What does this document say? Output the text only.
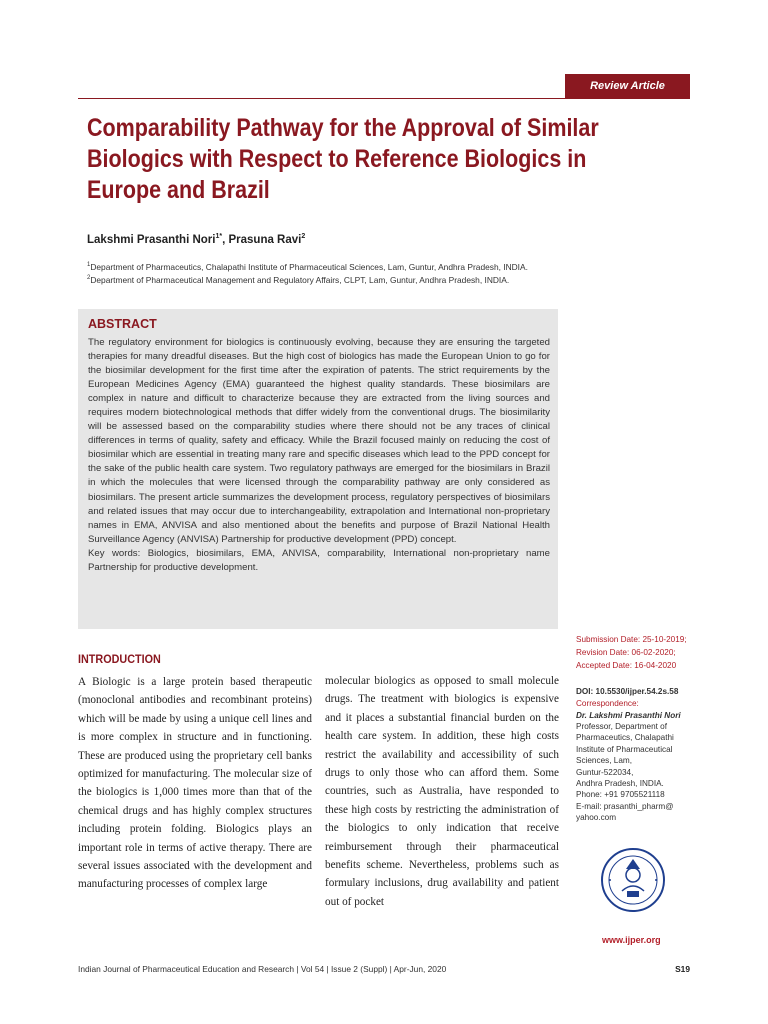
Review Article
Comparability Pathway for the Approval of Similar
Biologics with Respect to Reference Biologics in
Europe and Brazil
Lakshmi Prasanthi Nori$^{1*}$, Prasuna Ravi$^2$
$^1$Department of Pharmaceutics, Chalapathi Institute of Pharmaceutical Sciences, Lam, Guntur, Andhra Pradesh, INDIA.
$^2$Department of Pharmaceutical Management and Regulatory Affairs, CLPT, Lam, Guntur, Andhra Pradesh, INDIA.
ABSTRACT
The regulatory environment for biologics is continuously evolving, because they are ensuring the targeted therapies for many dreadful diseases. But the high cost of biologics has made the European Union to go for the biosimilar development for the first time after the expiration of patents. The strict requirements by the European Medicines Agency (EMA) guaranteed the highest quality standards. These biosimilars are complex in nature and difficult to characterize because they are extracted from the living sources and requires modern biotechnological methods that differ widely from the conventional drugs. The biosimilarity will be assessed based on the comparability studies where there should not be any traces of clinical differences in terms of quality, safety and efficacy. While the Brazil focused mainly on reducing the cost of biosimilar which are essential in treating many rare and specific diseases which lead to the PPD concept for the sake of the public health care system. Two regulatory pathways are emerged for the biosimilars in Brazil in which the molecules that were licensed through the comparability pathway are only considered as biosimilars. The present article summarizes the development process, regulatory perspectives of biosimilars and related issues that may occur due to interchangeability, extrapolation and International non-proprietary names in EMA, ANVISA and also mentioned about the benefits and purpose of Brazil National Health Surveillance Agency (ANVISA) Partnership for productive development (PPD) concept.
Key words: Biologics, biosimilars, EMA, ANVISA, comparability, International non-proprietary name Partnership for productive development.
INTRODUCTION
A Biologic is a large protein based therapeutic (monoclonal antibodies and recombinant proteins) which will be made by using a unique cell lines and is more complex in structure and in functioning. These are produced using the proprietary cell banks optimized for manufacturing. The molecular size of the biologics is 1,000 times more than that of the chemical drugs and has highly complex structures including protein folding. Biologics plays an important role in terms of active therapy. There are several issues associated with the development and manufacturing processes of complex large
molecular biologics as opposed to small molecule drugs. The treatment with biologics is expensive and it places a substantial financial burden on the health care system. In addition, these high costs restrict the availability and accessibility of such drugs to only those who can afford them. Some countries, such as Australia, have responded to these high costs by restricting the administration of the biologics to only indication that receive reimbursement through their pharmaceutical benefits scheme. Nevertheless, problems such as formulary inclusions, drug availability and patient out of pocket
Submission Date: 25-10-2019;
Revision Date: 06-02-2020;
Accepted Date: 16-04-2020
DOI: 10.5530/ijper.54.2s.58
Correspondence:
Dr. Lakshmi Prasanthi Nori
Professor, Department of
Pharmaceutics, Chalapathi
Institute of Pharmaceutical
Sciences, Lam,
Guntur-522034,
Andhra Pradesh, INDIA.
Phone: +91 9705521118
E-mail: prasanthi_pharm@
yahoo.com
www.ijper.org
Indian Journal of Pharmaceutical Education and Research | Vol 54 | Issue 2 (Suppl) | Apr-Jun, 2020	S19
